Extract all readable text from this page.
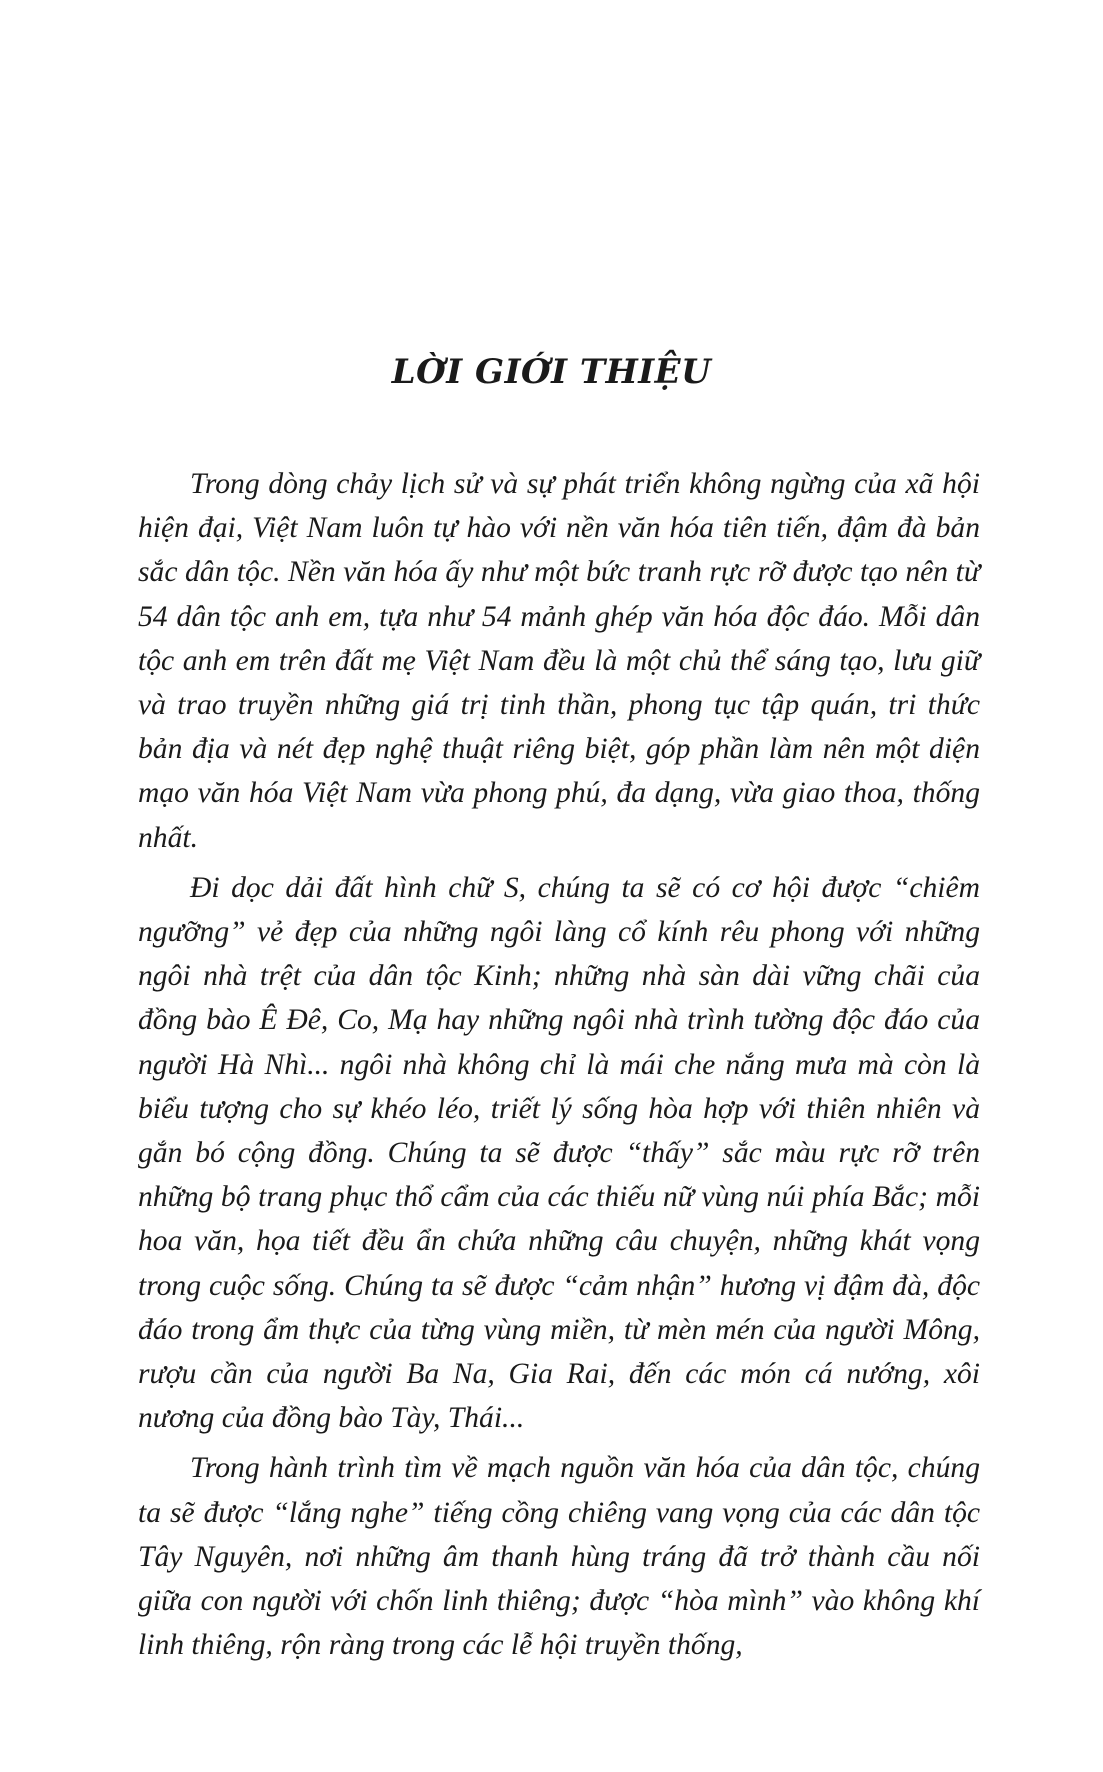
LỜI GIỚI THIỆU

Trong dòng chảy lịch sử và sự phát triển không ngừng của xã hội hiện đại, Việt Nam luôn tự hào với nền văn hóa tiên tiến, đậm đà bản sắc dân tộc. Nền văn hóa ấy như một bức tranh rực rỡ được tạo nên từ 54 dân tộc anh em, tựa như 54 mảnh ghép văn hóa độc đáo. Mỗi dân tộc anh em trên đất mẹ Việt Nam đều là một chủ thể sáng tạo, lưu giữ và trao truyền những giá trị tinh thần, phong tục tập quán, tri thức bản địa và nét đẹp nghệ thuật riêng biệt, góp phần làm nên một diện mạo văn hóa Việt Nam vừa phong phú, đa dạng, vừa giao thoa, thống nhất.

Đi dọc dải đất hình chữ S, chúng ta sẽ có cơ hội được “chiêm ngưỡng” vẻ đẹp của những ngôi làng cổ kính rêu phong với những ngôi nhà trệt của dân tộc Kinh; những nhà sàn dài vững chãi của đồng bào Ê Đê, Co, Mạ hay những ngôi nhà trình tường độc đáo của người Hà Nhì... ngôi nhà không chỉ là mái che nắng mưa mà còn là biểu tượng cho sự khéo léo, triết lý sống hòa hợp với thiên nhiên và gắn bó cộng đồng. Chúng ta sẽ được “thấy” sắc màu rực rỡ trên những bộ trang phục thổ cẩm của các thiếu nữ vùng núi phía Bắc; mỗi hoa văn, họa tiết đều ẩn chứa những câu chuyện, những khát vọng trong cuộc sống. Chúng ta sẽ được “cảm nhận” hương vị đậm đà, độc đáo trong ẩm thực của từng vùng miền, từ mèn mén của người Mông, rượu cần của người Ba Na, Gia Rai, đến các món cá nướng, xôi nương của đồng bào Tày, Thái...

Trong hành trình tìm về mạch nguồn văn hóa của dân tộc, chúng ta sẽ được “lắng nghe” tiếng cồng chiêng vang vọng của các dân tộc Tây Nguyên, nơi những âm thanh hùng tráng đã trở thành cầu nối giữa con người với chốn linh thiêng; được “hòa mình” vào không khí linh thiêng, rộn ràng trong các lễ hội truyền thống,
